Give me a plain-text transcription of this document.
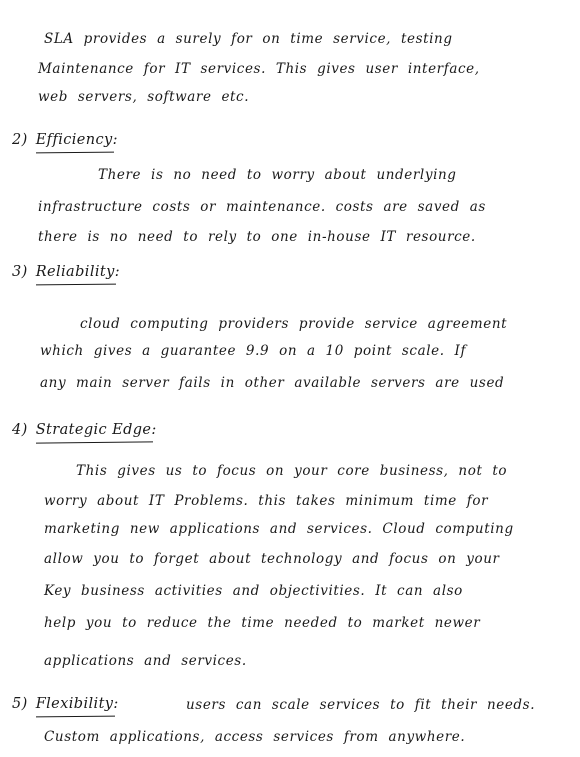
SLA provides a surely for on time service, testing
Maintenance for IT services. This gives user interface,
web servers, software etc.
2) Efficiency:
There is no need to worry about underlying
infrastructure costs or maintenance. costs are saved as
there is no need to rely to one in-house IT resource.
3) Reliability:
cloud computing providers provide service agreement
which gives a guarantee 9.9 on a 10 point scale. If
any main server fails in other available servers are used
4) Strategic Edge:
This gives us to focus on your core business, not to
worry about IT Problems. this takes minimum time for
marketing new applications and services. Cloud computing
allow you to forget about technology and focus on your
Key business activities and objectivities. It can also
help you to reduce the time needed to market newer
applications and services.
5) Flexibility:	users can scale services to fit their needs.
Custom applications, access services from anywhere.
